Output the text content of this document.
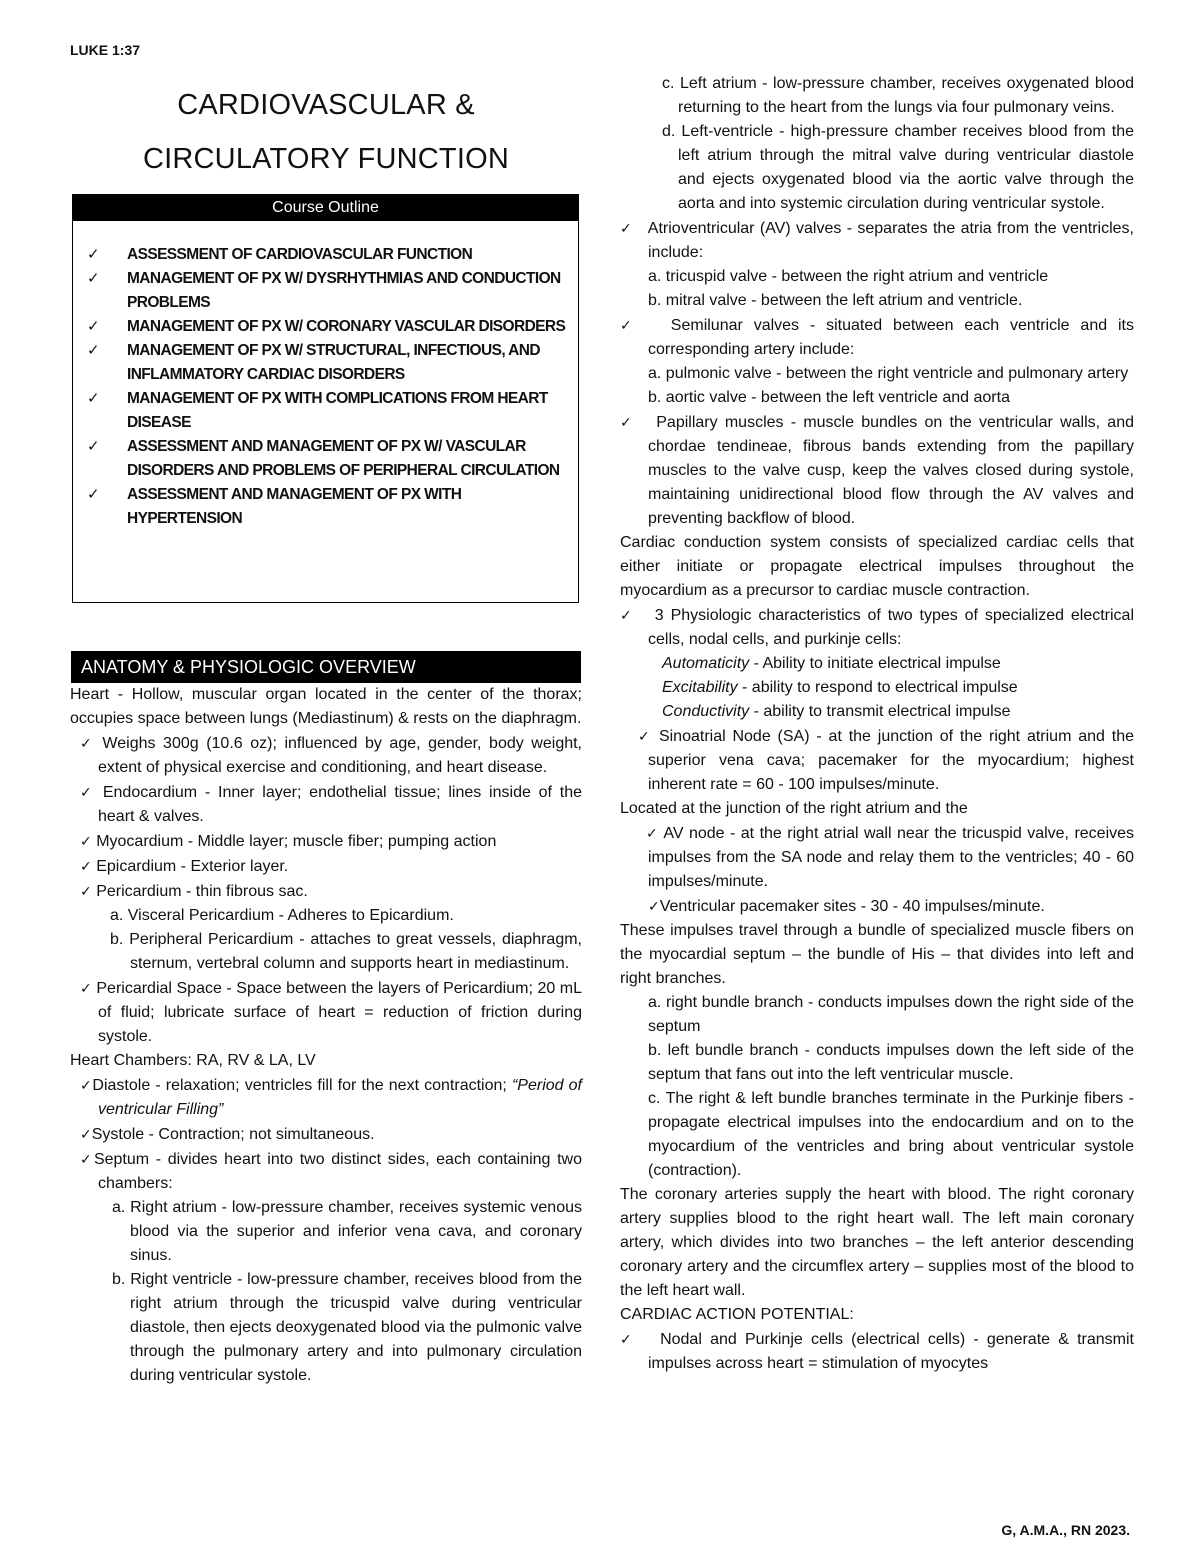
LUKE 1:37
CARDIOVASCULAR &
CIRCULATORY FUNCTION
Course Outline
✓	ASSESSMENT OF CARDIOVASCULAR FUNCTION
✓	MANAGEMENT OF PX W/ DYSRHYTHMIAS AND CONDUCTION PROBLEMS
✓	MANAGEMENT OF PX W/ CORONARY VASCULAR DISORDERS
✓	MANAGEMENT OF PX W/ STRUCTURAL, INFECTIOUS, AND INFLAMMATORY CARDIAC DISORDERS
✓	MANAGEMENT OF PX WITH COMPLICATIONS FROM HEART DISEASE
✓	ASSESSMENT AND MANAGEMENT OF PX W/ VASCULAR DISORDERS AND PROBLEMS OF PERIPHERAL CIRCULATION
✓	ASSESSMENT AND MANAGEMENT OF PX WITH HYPERTENSION
ANATOMY & PHYSIOLOGIC OVERVIEW
Heart - Hollow, muscular organ located in the center of the thorax; occupies space between lungs (Mediastinum) & rests on the diaphragm.
✓ Weighs 300g (10.6 oz); influenced by age, gender, body weight, extent of physical exercise and conditioning, and heart disease.
✓ Endocardium - Inner layer; endothelial tissue; lines inside of the heart & valves.
✓ Myocardium - Middle layer; muscle fiber; pumping action
✓ Epicardium - Exterior layer.
✓ Pericardium - thin fibrous sac.
a. Visceral Pericardium - Adheres to Epicardium.
b. Peripheral Pericardium - attaches to great vessels, diaphragm, sternum, vertebral column and supports heart in mediastinum.
✓ Pericardial Space - Space between the layers of Pericardium; 20 mL of fluid; lubricate surface of heart = reduction of friction during systole.
Heart Chambers: RA, RV & LA, LV
✓Diastole - relaxation; ventricles fill for the next contraction; “Period of ventricular Filling”
✓Systole - Contraction; not simultaneous.
✓Septum - divides heart into two distinct sides, each containing two chambers:
a. Right atrium - low-pressure chamber, receives systemic venous blood via the superior and inferior vena cava, and coronary sinus.
b. Right ventricle - low-pressure chamber, receives blood from the right atrium through the tricuspid valve during ventricular diastole, then ejects deoxygenated blood via the pulmonic valve through the pulmonary artery and into pulmonary circulation during ventricular systole.
c. Left atrium - low-pressure chamber, receives oxygenated blood returning to the heart from the lungs via four pulmonary veins.
d. Left-ventricle - high-pressure chamber receives blood from the left atrium through the mitral valve during ventricular diastole and ejects oxygenated blood via the aortic valve through the aorta and into systemic circulation during ventricular systole.
✓ Atrioventricular (AV) valves - separates the atria from the ventricles, include:
a. tricuspid valve - between the right atrium and ventricle
b. mitral valve - between the left atrium and ventricle.
✓ Semilunar valves - situated between each ventricle and its corresponding artery include:
a. pulmonic valve - between the right ventricle and pulmonary artery
b. aortic valve - between the left ventricle and aorta
✓ Papillary muscles - muscle bundles on the ventricular walls, and chordae tendineae, fibrous bands extending from the papillary muscles to the valve cusp, keep the valves closed during systole, maintaining unidirectional blood flow through the AV valves and preventing backflow of blood.
Cardiac conduction system consists of specialized cardiac cells that either initiate or propagate electrical impulses throughout the myocardium as a precursor to cardiac muscle contraction.
✓ 3 Physiologic characteristics of two types of specialized electrical cells, nodal cells, and purkinje cells:
Automaticity - Ability to initiate electrical impulse
Excitability - ability to respond to electrical impulse
Conductivity - ability to transmit electrical impulse
✓ Sinoatrial Node (SA) - at the junction of the right atrium and the superior vena cava; pacemaker for the myocardium; highest inherent rate = 60 - 100 impulses/minute.
Located at the junction of the right atrium and the
✓ AV node - at the right atrial wall near the tricuspid valve, receives impulses from the SA node and relay them to the ventricles; 40 - 60 impulses/minute.
✓Ventricular pacemaker sites - 30 - 40 impulses/minute.
These impulses travel through a bundle of specialized muscle fibers on the myocardial septum – the bundle of His – that divides into left and right branches.
a. right bundle branch - conducts impulses down the right side of the septum
b. left bundle branch - conducts impulses down the left side of the septum that fans out into the left ventricular muscle.
c. The right & left bundle branches terminate in the Purkinje fibers - propagate electrical impulses into the endocardium and on to the myocardium of the ventricles and bring about ventricular systole (contraction).
The coronary arteries supply the heart with blood. The right coronary artery supplies blood to the right heart wall. The left main coronary artery, which divides into two branches – the left anterior descending coronary artery and the circumflex artery – supplies most of the blood to the left heart wall.
CARDIAC ACTION POTENTIAL:
✓ Nodal and Purkinje cells (electrical cells) - generate & transmit impulses across heart = stimulation of myocytes
G, A.M.A., RN 2023.
